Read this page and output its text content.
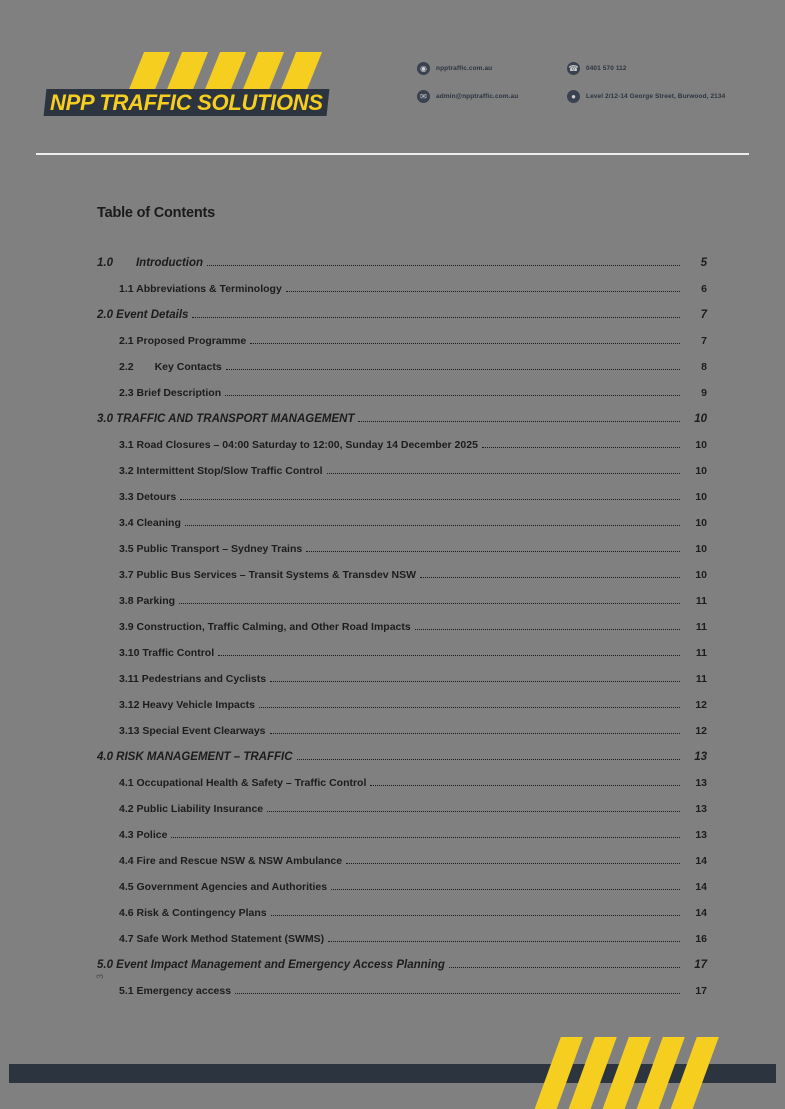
NPP TRAFFIC SOLUTIONS
◉	npptraffic.com.au
✉	admin@npptraffic.com.au
☎ 0401 570 112
●	Level 2/12-14 George Street, Burwood, 2134
Table of Contents
1.0  Introduction	5
1.1 Abbreviations & Terminology	6
2.0 Event Details	7
2.1 Proposed Programme	7
2.2  Key Contacts	8
2.3 Brief Description	9
3.0 TRAFFIC AND TRANSPORT MANAGEMENT	10
3.1 Road Closures – 04:00 Saturday to 12:00, Sunday 14 December 2025	10
3.2 Intermittent Stop/Slow Traffic Control	10
3.3 Detours	10
3.4 Cleaning	10
3.5 Public Transport – Sydney Trains	10
3.7 Public Bus Services – Transit Systems & Transdev NSW	10
3.8 Parking	11
3.9 Construction, Traffic Calming, and Other Road Impacts	11
3.10 Traffic Control	11
3.11 Pedestrians and Cyclists	11
3.12 Heavy Vehicle Impacts	12
3.13 Special Event Clearways	12
4.0 RISK MANAGEMENT – TRAFFIC	13
4.1 Occupational Health & Safety – Traffic Control	13
4.2 Public Liability Insurance	13
4.3 Police	13
4.4 Fire and Rescue NSW & NSW Ambulance	14
4.5 Government Agencies and Authorities	14
4.6 Risk & Contingency Plans	14
4.7 Safe Work Method Statement (SWMS)	16
5.0 Event Impact Management and Emergency Access Planning	17
5.1 Emergency access	17
3
